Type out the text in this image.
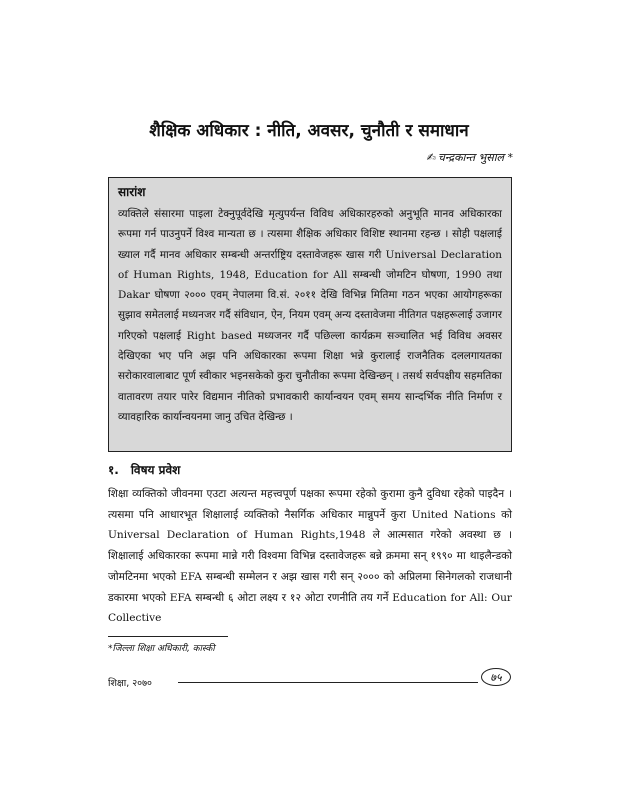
शैक्षिक अधिकार : नीति, अवसर, चुनौती र समाधान
✍ चन्द्रकान्त भुसाल *
सारांश
व्यक्तिले संसारमा पाइला टेक्नुपूर्वदेखि मृत्युपर्यन्त विविध अधिकारहरुको अनुभूति मानव अधिकारका रूपमा गर्न पाउनुपर्ने विश्व मान्यता छ । त्यसमा शैक्षिक अधिकार विशिष्ट स्थानमा रहन्छ । सोही पक्षलाई ख्याल गर्दै मानव अधिकार सम्बन्धी अन्तर्राष्ट्रिय दस्तावेजहरू खास गरी Universal Declaration of Human Rights, 1948, Education for All सम्बन्धी जोमटिन घोषणा, 1990 तथा Dakar घोषणा २००० एवम् नेपालमा वि.सं. २०११ देखि विभिन्न मितिमा गठन भएका आयोगहरूका सुझाव समेतलाई मध्यनजर गर्दै संविधान, ऐन, नियम एवम् अन्य दस्तावेजमा नीतिगत पक्षहरूलाई उजागर गरिएको पक्षलाई Right based मध्यजनर गर्दै पछिल्ला कार्यक्रम सञ्चालित भई विविध अवसर देखिएका भए पनि अझ पनि अधिकारका रूपमा शिक्षा भन्ने कुरालाई राजनैतिक दललगायतका सरोकारवालाबाट पूर्ण स्वीकार भइनसकेको कुरा चुनौतीका रूपमा देखिन्छन् । तसर्थ सर्वपक्षीय सहमतिका वातावरण तयार पारेर विद्यमान नीतिको प्रभावकारी कार्यान्वयन एवम् समय सान्दर्भिक नीति निर्माण र व्यावहारिक कार्यान्वयनमा जानु उचित देखिन्छ ।
१. विषय प्रवेश
शिक्षा व्यक्तिको जीवनमा एउटा अत्यन्त महत्त्वपूर्ण पक्षका रूपमा रहेको कुरामा कुनै दुविधा रहेको पाइदैन । त्यसमा पनि आधारभूत शिक्षालाई व्यक्तिको नैसर्गिक अधिकार मान्नुपर्ने कुरा United Nations को Universal Declaration of Human Rights,1948 ले आत्मसात गरेको अवस्था छ । शिक्षालाई अधिकारका रूपमा मान्ने गरी विश्वमा विभिन्न दस्तावेजहरू बन्ने क्रममा सन् १९९० मा थाइलैन्डको जोमटिनमा भएको EFA सम्बन्धी सम्मेलन र अझ खास गरी सन् २००० को अप्रिलमा सिनेगलको राजधानी डकारमा भएको EFA सम्बन्धी ६ ओटा लक्ष्य र १२ ओटा रणनीति तय गर्ने Education for All: Our Collective
*जिल्ला शिक्षा अधिकारी, कास्की
शिक्षा, २०७०	७५
